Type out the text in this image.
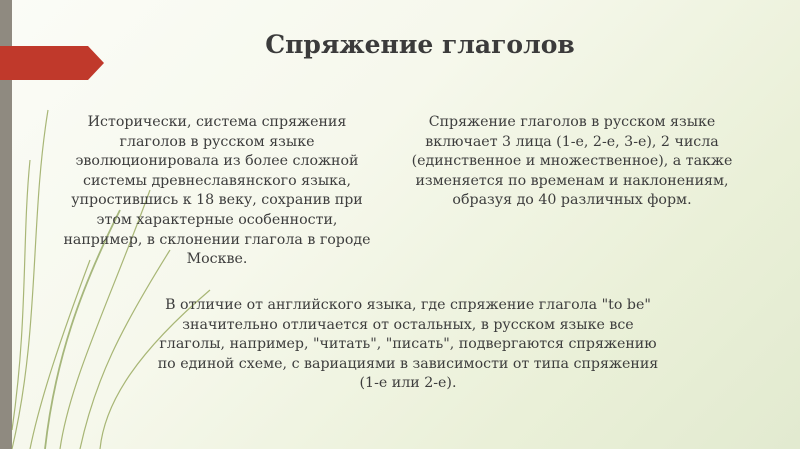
Спряжение глаголов

Исторически, система спряжения
глаголов в русском языке
эволюционировала из более сложной
системы древнеславянского языка,
упростившись к 18 веку, сохранив при
этом характерные особенности,
например, в склонении глагола в городе
Москве.

Спряжение глаголов в русском языке
включает 3 лица (1-е, 2-е, 3-е), 2 числа
(единственное и множественное), а также
изменяется по временам и наклонениям,
образуя до 40 различных форм.

В отличие от английского языка, где спряжение глагола "to be"
значительно отличается от остальных, в русском языке все
глаголы, например, "читать", "писать", подвергаются спряжению
по единой схеме, с вариациями в зависимости от типа спряжения
(1-е или 2-е).
